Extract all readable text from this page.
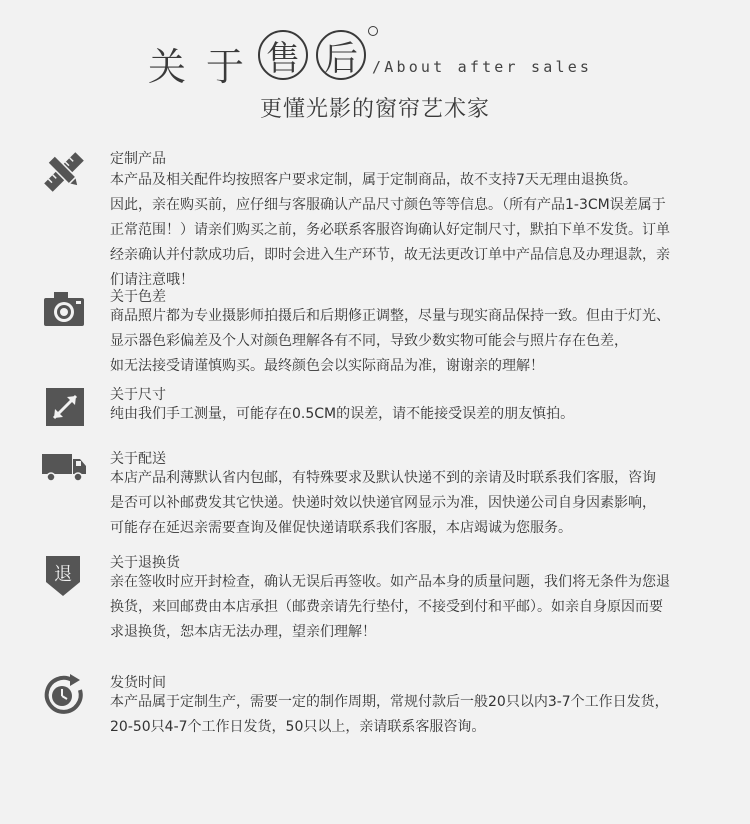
关 于 售 后 /About after sales
更懂光影的窗帘艺术家
定制产品
本产品及相关配件均按照客户要求定制，属于定制商品，故不支持7天无理由退换货。
因此，亲在购买前，应仔细与客服确认产品尺寸颜色等等信息。（所有产品1-3CM误差属于
正常范围！）请亲们购买之前，务必联系客服咨询确认好定制尺寸，默拍下单不发货。订单
经亲确认并付款成功后，即时会进入生产环节，故无法更改订单中产品信息及办理退款，亲
们请注意哦！
关于色差
商品照片都为专业摄影师拍摄后和后期修正调整，尽量与现实商品保持一致。但由于灯光、
显示器色彩偏差及个人对颜色理解各有不同，导致少数实物可能会与照片存在色差，
如无法接受请谨慎购买。最终颜色会以实际商品为准，谢谢亲的理解！
关于尺寸
纯由我们手工测量，可能存在0.5CM的误差，请不能接受误差的朋友慎拍。
关于配送
本店产品利薄默认省内包邮，有特殊要求及默认快递不到的亲请及时联系我们客服，咨询
是否可以补邮费发其它快递。快递时效以快递官网显示为准，因快递公司自身因素影响，
可能存在延迟亲需要查询及催促快递请联系我们客服，本店竭诚为您服务。
退
关于退换货
亲在签收时应开封检查，确认无误后再签收。如产品本身的质量问题，我们将无条件为您退
换货，来回邮费由本店承担（邮费亲请先行垫付，不接受到付和平邮）。如亲自身原因而要
求退换货，恕本店无法办理，望亲们理解！
发货时间
本产品属于定制生产，需要一定的制作周期，常规付款后一般20只以内3-7个工作日发货，
20-50只4-7个工作日发货，50只以上，亲请联系客服咨询。
